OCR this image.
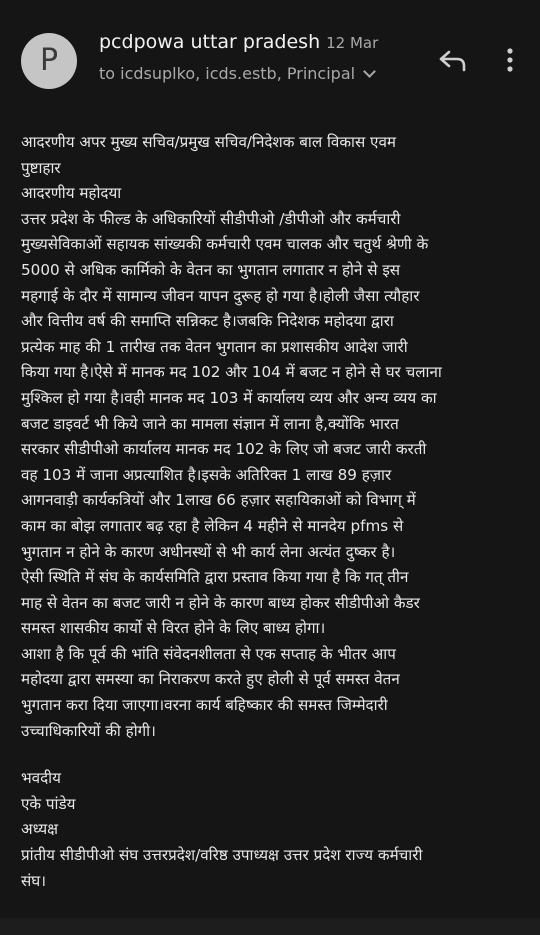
P
pcdpowa uttar pradesh 12 Mar
to icdsuplko, icds.estb, Principal
आदरणीय अपर मुख्य सचिव/प्रमुख सचिव/निदेशक बाल विकास एवम
पुष्टाहार
आदरणीय महोदया
उत्तर प्रदेश के फील्ड के अधिकारियों सीडीपीओ /डीपीओ और कर्मचारी
मुख्यसेविकाओं सहायक सांख्यकी कर्मचारी एवम चालक और चतुर्थ श्रेणी के
5000 से अधिक कार्मिको के वेतन का भुगतान लगातार न होने से इस
महगाई के दौर में सामान्य जीवन यापन दुरूह हो गया है।होली जैसा त्यौहार
और वित्तीय वर्ष की समाप्ति सन्निकट है।जबकि निदेशक महोदया द्वारा
प्रत्येक माह की 1 तारीख तक वेतन भुगतान का प्रशासकीय आदेश जारी
किया गया है।ऐसे में मानक मद 102 और 104 में बजट न होने से घर चलाना
मुश्किल हो गया है।वही मानक मद 103 में कार्यालय व्यय और अन्य व्यय का
बजट डाइवर्ट भी किये जाने का मामला संज्ञान में लाना है,क्योंकि भारत
सरकार सीडीपीओ कार्यालय मानक मद 102 के लिए जो बजट जारी करती
वह 103 में जाना अप्रत्याशित है।इसके अतिरिक्त 1 लाख 89 हज़ार
आगनवाड़ी कार्यकत्रियों और 1लाख 66 हज़ार सहायिकाओं को विभाग् में
काम का बोझ लगातार बढ़ रहा है लेकिन 4 महीने से मानदेय pfms से
भुगतान न होने के कारण अधीनस्थों से भी कार्य लेना अत्यंत दुष्कर है।
ऐसी स्थिति में संघ के कार्यसमिति द्वारा प्रस्ताव किया गया है कि गत् तीन
माह से वेतन का बजट जारी न होने के कारण बाध्य होकर सीडीपीओ कैडर
समस्त शासकीय कार्यो से विरत होने के लिए बाध्य होगा।
आशा है कि पूर्व की भांति संवेदनशीलता से एक सप्ताह के भीतर आप
महोदया द्वारा समस्या का निराकरण करते हुए होली से पूर्व समस्त वेतन
भुगतान करा दिया जाएगा।वरना कार्य बहिष्कार की समस्त जिम्मेदारी
उच्चाधिकारियों की होगी।
भवदीय
एके पांडेय
अध्यक्ष
प्रांतीय सीडीपीओ संघ उत्तरप्रदेश/वरिष्ठ उपाध्यक्ष उत्तर प्रदेश राज्य कर्मचारी
संघ।
